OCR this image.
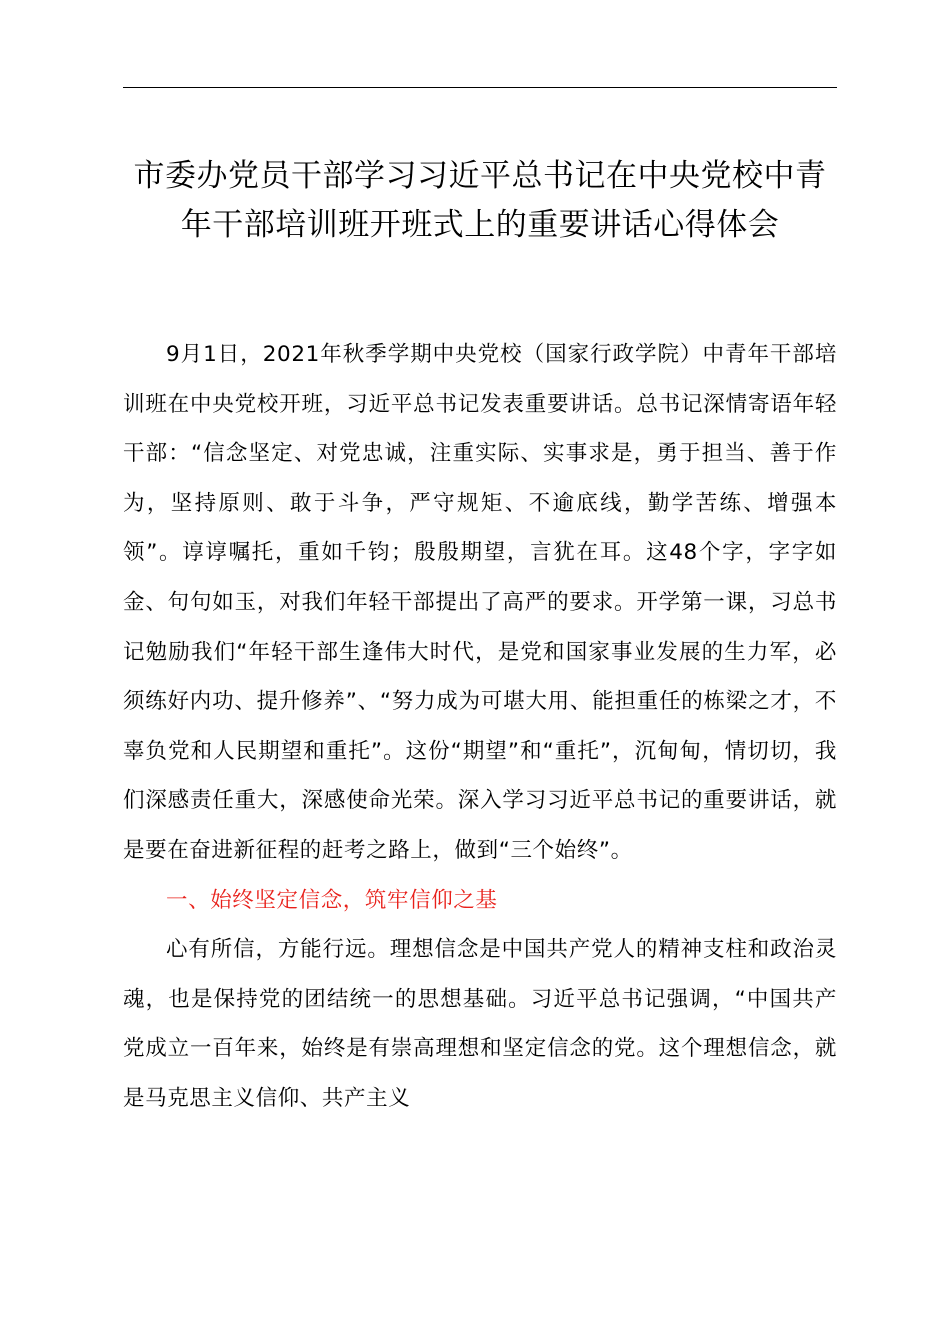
市委办党员干部学习习近平总书记在中央党校中青年干部培训班开班式上的重要讲话心得体会

9月1日，2021年秋季学期中央党校（国家行政学院）中青年干部培训班在中央党校开班，习近平总书记发表重要讲话。总书记深情寄语年轻干部：“信念坚定、对党忠诚，注重实际、实事求是，勇于担当、善于作为，坚持原则、敢于斗争，严守规矩、不逾底线，勤学苦练、增强本领”。谆谆嘱托，重如千钧；殷殷期望，言犹在耳。这48个字，字字如金、句句如玉，对我们年轻干部提出了高严的要求。开学第一课，习总书记勉励我们“年轻干部生逢伟大时代，是党和国家事业发展的生力军，必须练好内功、提升修养”、“努力成为可堪大用、能担重任的栋梁之才，不辜负党和人民期望和重托”。这份“期望”和“重托”，沉甸甸，情切切，我们深感责任重大，深感使命光荣。深入学习习近平总书记的重要讲话，就是要在奋进新征程的赶考之路上，做到“三个始终”。

一、始终坚定信念，筑牢信仰之基

心有所信，方能行远。理想信念是中国共产党人的精神支柱和政治灵魂，也是保持党的团结统一的思想基础。习近平总书记强调，“中国共产党成立一百年来，始终是有崇高理想和坚定信念的党。这个理想信念，就是马克思主义信仰、共产主义
